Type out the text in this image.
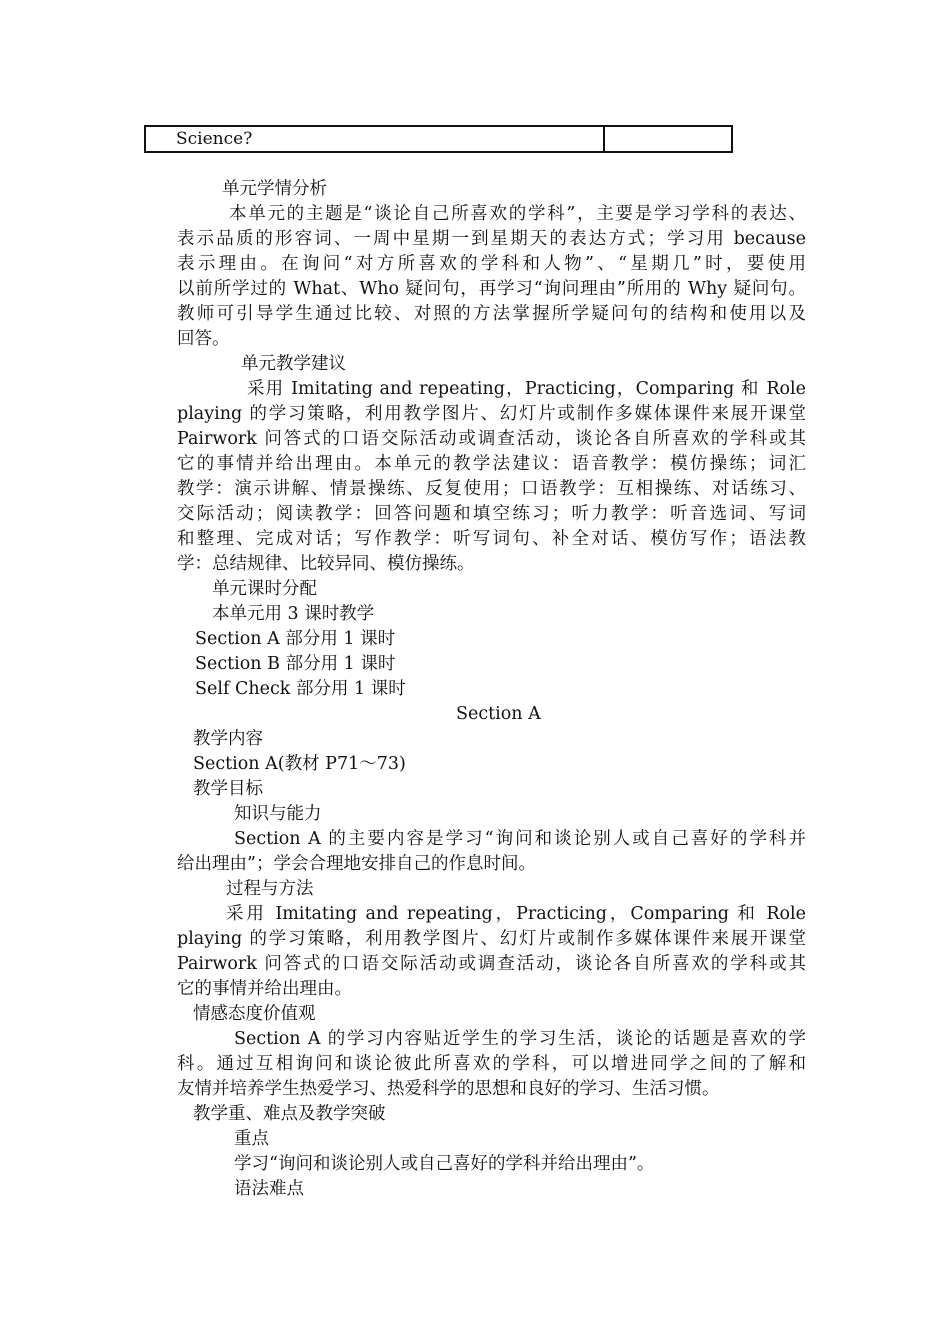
Science?	
单元学情分析
本单元的主题是“谈论自己所喜欢的学科”，主要是学习学科的表达、
表示品质的形容词、一周中星期一到星期天的表达方式；学习用 because
表示理由。在询问“对方所喜欢的学科和人物”、“星期几”时，要使用
以前所学过的 What、Who 疑问句，再学习“询问理由”所用的 Why 疑问句。
教师可引导学生通过比较、对照的方法掌握所学疑问句的结构和使用以及
回答。
单元教学建议
采用 Imitating and repeating，Practicing，Comparing 和 Role
playing 的学习策略，利用教学图片、幻灯片或制作多媒体课件来展开课堂
Pairwork 问答式的口语交际活动或调查活动，谈论各自所喜欢的学科或其
它的事情并给出理由。本单元的教学法建议：语音教学：模仿操练；词汇
教学：演示讲解、情景操练、反复使用；口语教学：互相操练、对话练习、
交际活动；阅读教学：回答问题和填空练习；听力教学：听音选词、写词
和整理、完成对话；写作教学：听写词句、补全对话、模仿写作；语法教
学：总结规律、比较异同、模仿操练。
单元课时分配
本单元用 3 课时教学
Section A 部分用 1 课时
Section B 部分用 1 课时
Self Check 部分用 1 课时
Section A
教学内容
Section A(教材 P71～73)
教学目标
知识与能力
Section A 的主要内容是学习“询问和谈论别人或自己喜好的学科并
给出理由”；学会合理地安排自己的作息时间。
过程与方法
采用 Imitating and repeating，Practicing，Comparing 和 Role
playing 的学习策略，利用教学图片、幻灯片或制作多媒体课件来展开课堂
Pairwork 问答式的口语交际活动或调查活动，谈论各自所喜欢的学科或其
它的事情并给出理由。
情感态度价值观
Section A 的学习内容贴近学生的学习生活，谈论的话题是喜欢的学
科。通过互相询问和谈论彼此所喜欢的学科，可以增进同学之间的了解和
友情并培养学生热爱学习、热爱科学的思想和良好的学习、生活习惯。
教学重、难点及教学突破
重点
学习“询问和谈论别人或自己喜好的学科并给出理由”。
语法难点
